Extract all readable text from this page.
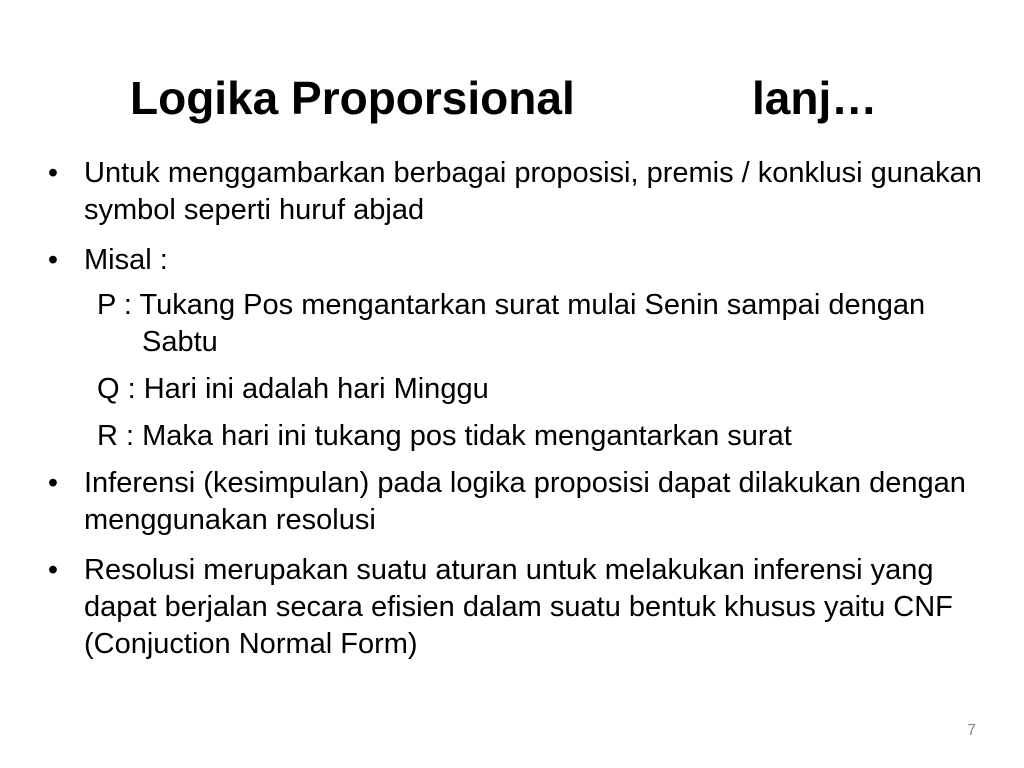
Logika Proporsional	lanj…
• Untuk menggambarkan berbagai proposisi, premis / konklusi gunakan symbol seperti huruf abjad
• Misal :
P : Tukang Pos mengantarkan surat mulai Senin sampai dengan Sabtu
Q : Hari ini adalah hari Minggu
R : Maka hari ini tukang pos tidak mengantarkan surat
• Inferensi (kesimpulan) pada logika proposisi dapat dilakukan dengan menggunakan resolusi
• Resolusi merupakan suatu aturan untuk melakukan inferensi yang dapat berjalan secara efisien dalam suatu bentuk khusus yaitu CNF (Conjuction Normal Form)
7
